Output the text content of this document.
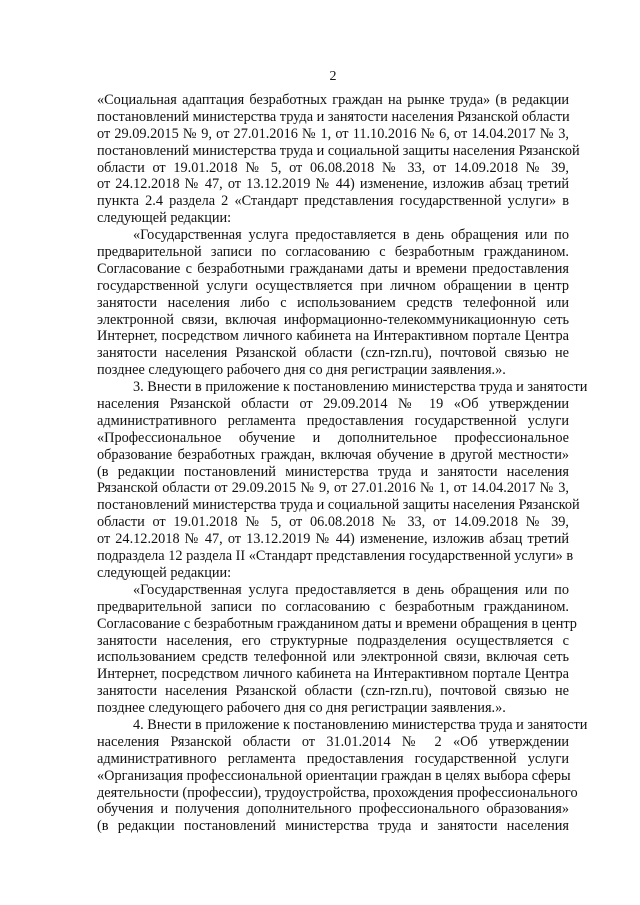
2
«Социальная адаптация безработных граждан на рынке труда» (в редакции
постановлений министерства труда и занятости населения Рязанской области
от 29.09.2015 № 9, от 27.01.2016 № 1, от 11.10.2016 № 6, от 14.04.2017 № 3,
постановлений министерства труда и социальной защиты населения Рязанской
области от 19.01.2018 № 5, от 06.08.2018 № 33, от 14.09.2018 № 39,
от 24.12.2018 № 47, от 13.12.2019 № 44) изменение, изложив абзац третий
пункта 2.4 раздела 2 «Стандарт представления государственной услуги» в
следующей редакции:
«Государственная услуга предоставляется в день обращения или по
предварительной записи по согласованию с безработным гражданином.
Согласование с безработными гражданами даты и времени предоставления
государственной услуги осуществляется при личном обращении в центр
занятости населения либо с использованием средств телефонной или
электронной связи, включая информационно-телекоммуникационную сеть
Интернет, посредством личного кабинета на Интерактивном портале Центра
занятости населения Рязанской области (czn-rzn.ru), почтовой связью не
позднее следующего рабочего дня со дня регистрации заявления.».
3. Внести в приложение к постановлению министерства труда и занятости
населения Рязанской области от 29.09.2014 № 19 «Об утверждении
административного регламента предоставления государственной услуги
«Профессиональное обучение и дополнительное профессиональное
образование безработных граждан, включая обучение в другой местности»
(в редакции постановлений министерства труда и занятости населения
Рязанской области от 29.09.2015 № 9, от 27.01.2016 № 1, от 14.04.2017 № 3,
постановлений министерства труда и социальной защиты населения Рязанской
области от 19.01.2018 № 5, от 06.08.2018 № 33, от 14.09.2018 № 39,
от 24.12.2018 № 47, от 13.12.2019 № 44) изменение, изложив абзац третий
подраздела 12 раздела II «Стандарт представления государственной услуги» в
следующей редакции:
«Государственная услуга предоставляется в день обращения или по
предварительной записи по согласованию с безработным гражданином.
Согласование с безработным гражданином даты и времени обращения в центр
занятости населения, его структурные подразделения осуществляется с
использованием средств телефонной или электронной связи, включая сеть
Интернет, посредством личного кабинета на Интерактивном портале Центра
занятости населения Рязанской области (czn-rzn.ru), почтовой связью не
позднее следующего рабочего дня со дня регистрации заявления.».
4. Внести в приложение к постановлению министерства труда и занятости
населения Рязанской области от 31.01.2014 № 2 «Об утверждении
административного регламента предоставления государственной услуги
«Организация профессиональной ориентации граждан в целях выбора сферы
деятельности (профессии), трудоустройства, прохождения профессионального
обучения и получения дополнительного профессионального образования»
(в редакции постановлений министерства труда и занятости населения
